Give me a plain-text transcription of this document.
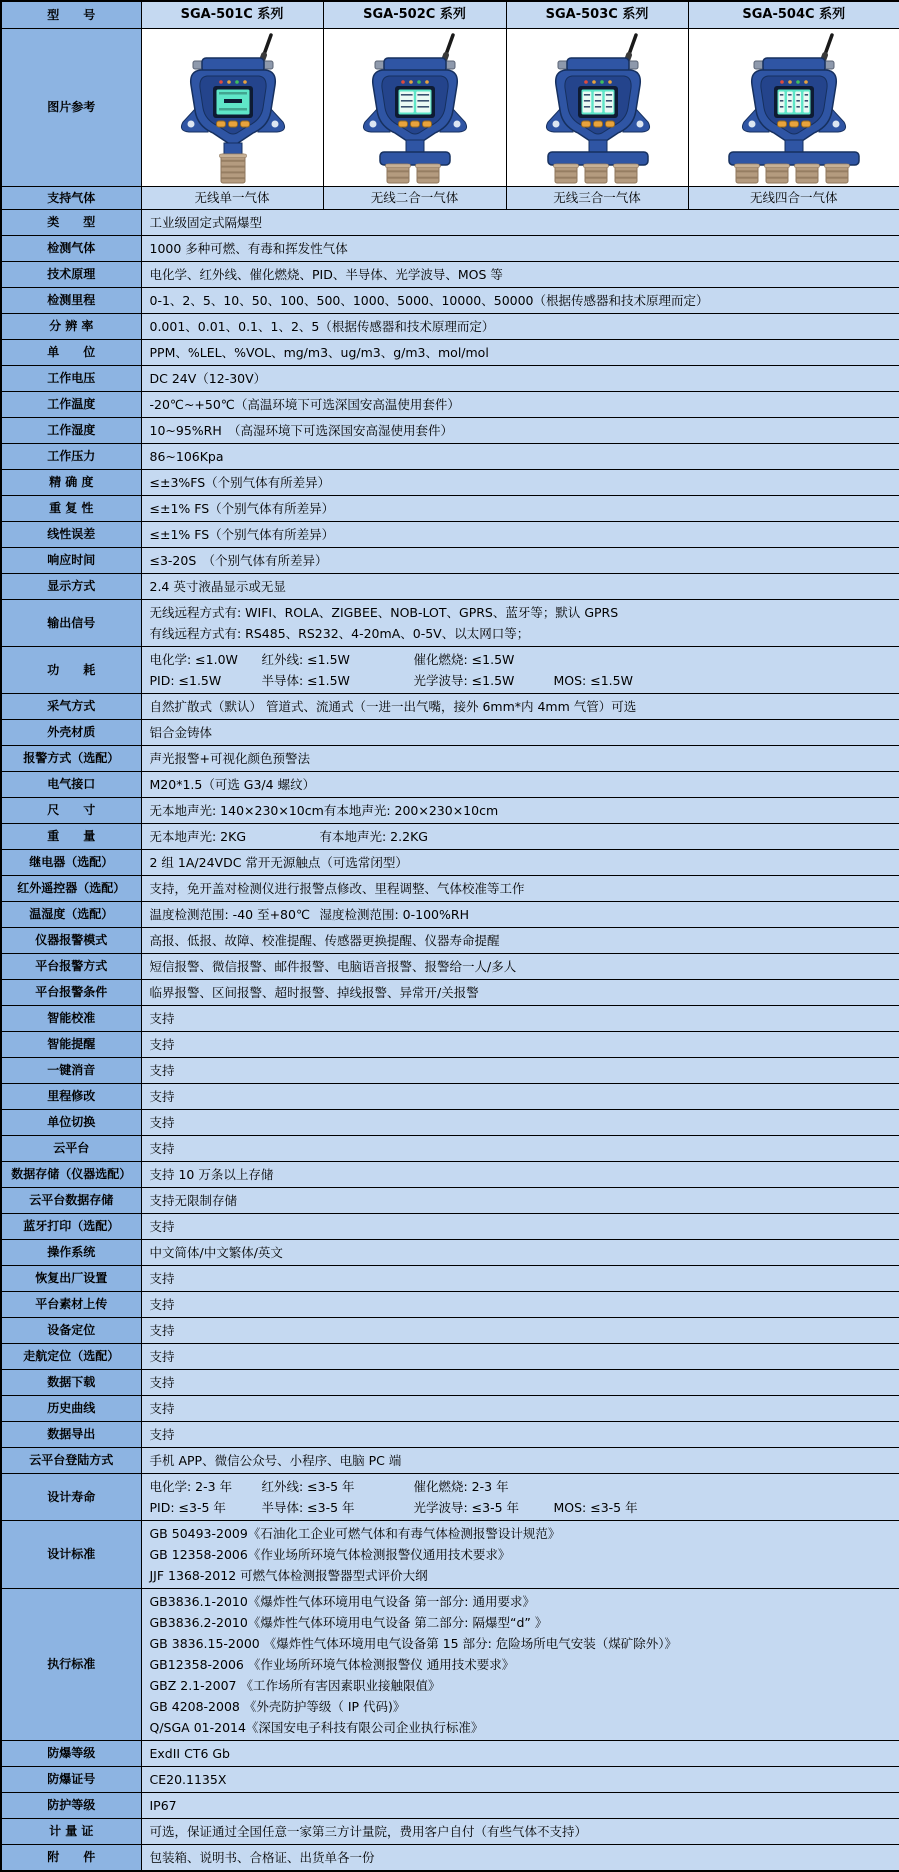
型　　号	SGA-501C 系列	SGA-502C 系列	SGA-503C 系列	SGA-504C 系列
图片参考	

支持气体	无线单一气体	无线二合一气体	无线三合一气体	无线四合一气体
类　　型	工业级固定式隔爆型			

检测气体	1000 多种可燃、有毒和挥发性气体			

技术原理	电化学、红外线、催化燃烧、PID、半导体、光学波导、MOS 等			

检测里程	0-1、2、5、10、50、100、500、1000、5000、10000、50000（根据传感器和技术原理而定）			

分 辨 率	0.001、0.01、0.1、1、2、5（根据传感器和技术原理而定）			

单　　位	PPM、%LEL、%VOL、mg/m3、ug/m3、g/m3、mol/mol			

工作电压	DC 24V（12-30V）			

工作温度	-20℃~+50℃（高温环境下可选深国安高温使用套件）			

工作湿度	10~95%RH　（高湿环境下可选深国安高湿使用套件）			

工作压力	86~106Kpa			

精 确 度	≤±3%FS（个别气体有所差异）			

重 复 性	≤±1% FS（个别气体有所差异）			

线性误差	≤±1% FS（个别气体有所差异）			

响应时间	≤3-20S　（个别气体有所差异）			

显示方式	2.4 英寸液晶显示或无显			

输出信号	无线远程方式有: WIFI、ROLA、ZIGBEE、NOB-LOT、GPRS、蓝牙等；默认 GPRS
有线远程方式有: RS485、RS232、4-20mA、0-5V、以太网口等；			

功　　耗	电化学: ≤1.0W 红外线: ≤1.5W 催化燃烧: ≤1.5W
PID: ≤1.5W 半导体: ≤1.5W 光学波导: ≤1.5W MOS: ≤1.5W			

采气方式	自然扩散式（默认） 管道式、流通式（一进一出气嘴，接外 6mm*内 4mm 气管）可选			

外壳材质	铝合金铸体			

报警方式（选配）	声光报警+可视化颜色预警法			

电气接口	M20*1.5（可选 G3/4 螺纹）			

尺　　寸	无本地声光: 140×230×10cm有本地声光: 200×230×10cm			

重　　量	无本地声光: 2KG 有本地声光: 2.2KG			

继电器（选配）	2 组 1A/24VDC 常开无源触点（可选常闭型）			

红外遥控器（选配）	支持，免开盖对检测仪进行报警点修改、里程调整、气体校准等工作			

温湿度（选配）	温度检测范围: -40 至+80℃ 湿度检测范围: 0-100%RH			

仪器报警模式	高报、低报、故障、校准提醒、传感器更换提醒、仪器寿命提醒			

平台报警方式	短信报警、微信报警、邮件报警、电脑语音报警、报警给一人/多人			

平台报警条件	临界报警、区间报警、超时报警、掉线报警、异常开/关报警			

智能校准	支持			

智能提醒	支持			

一键消音	支持			

里程修改	支持			

单位切换	支持			

云平台	支持			

数据存储（仪器选配）	支持 10 万条以上存储			

云平台数据存储	支持无限制存储			

蓝牙打印（选配）	支持			

操作系统	中文简体/中文繁体/英文			

恢复出厂设置	支持			

平台素材上传	支持			

设备定位	支持			

走航定位（选配）	支持			

数据下载	支持			

历史曲线	支持			

数据导出	支持			

云平台登陆方式	手机 APP、微信公众号、小程序、电脑 PC 端			

设计寿命	电化学: 2-3 年 红外线: ≤3-5 年 催化燃烧: 2-3 年
PID: ≤3-5 年 半导体: ≤3-5 年 光学波导: ≤3-5 年 MOS: ≤3-5 年			

设计标准	GB 50493-2009《石油化工企业可燃气体和有毒气体检测报警设计规范》
GB 12358-2006《作业场所环境气体检测报警仪通用技术要求》
JJF 1368-2012 可燃气体检测报警器型式评价大纲			

执行标准	
GB3836.1-2010《爆炸性气体环境用电气设备 第一部分: 通用要求》
GB3836.2-2010《爆炸性气体环境用电气设备 第二部分: 隔爆型“d” 》
GB 3836.15-2000 《爆炸性气体环境用电气设备第 15 部分: 危险场所电气安装（煤矿除外）》
GB12358-2006 《作业场所环境气体检测报警仪 通用技术要求》
GBZ 2.1-2007 《工作场所有害因素职业接触限值》
GB 4208-2008 《外壳防护等级（ IP 代码)》
Q/SGA 01-2014《深国安电子科技有限公司企业执行标准》

防爆等级	ExdII CT6 Gb			

防爆证号	CE20.1135X			

防护等级	IP67			

计 量 证	可选，保证通过全国任意一家第三方计量院，费用客户自付（有些气体不支持）			

附　　件	包装箱、说明书、合格证、出货单各一份			
